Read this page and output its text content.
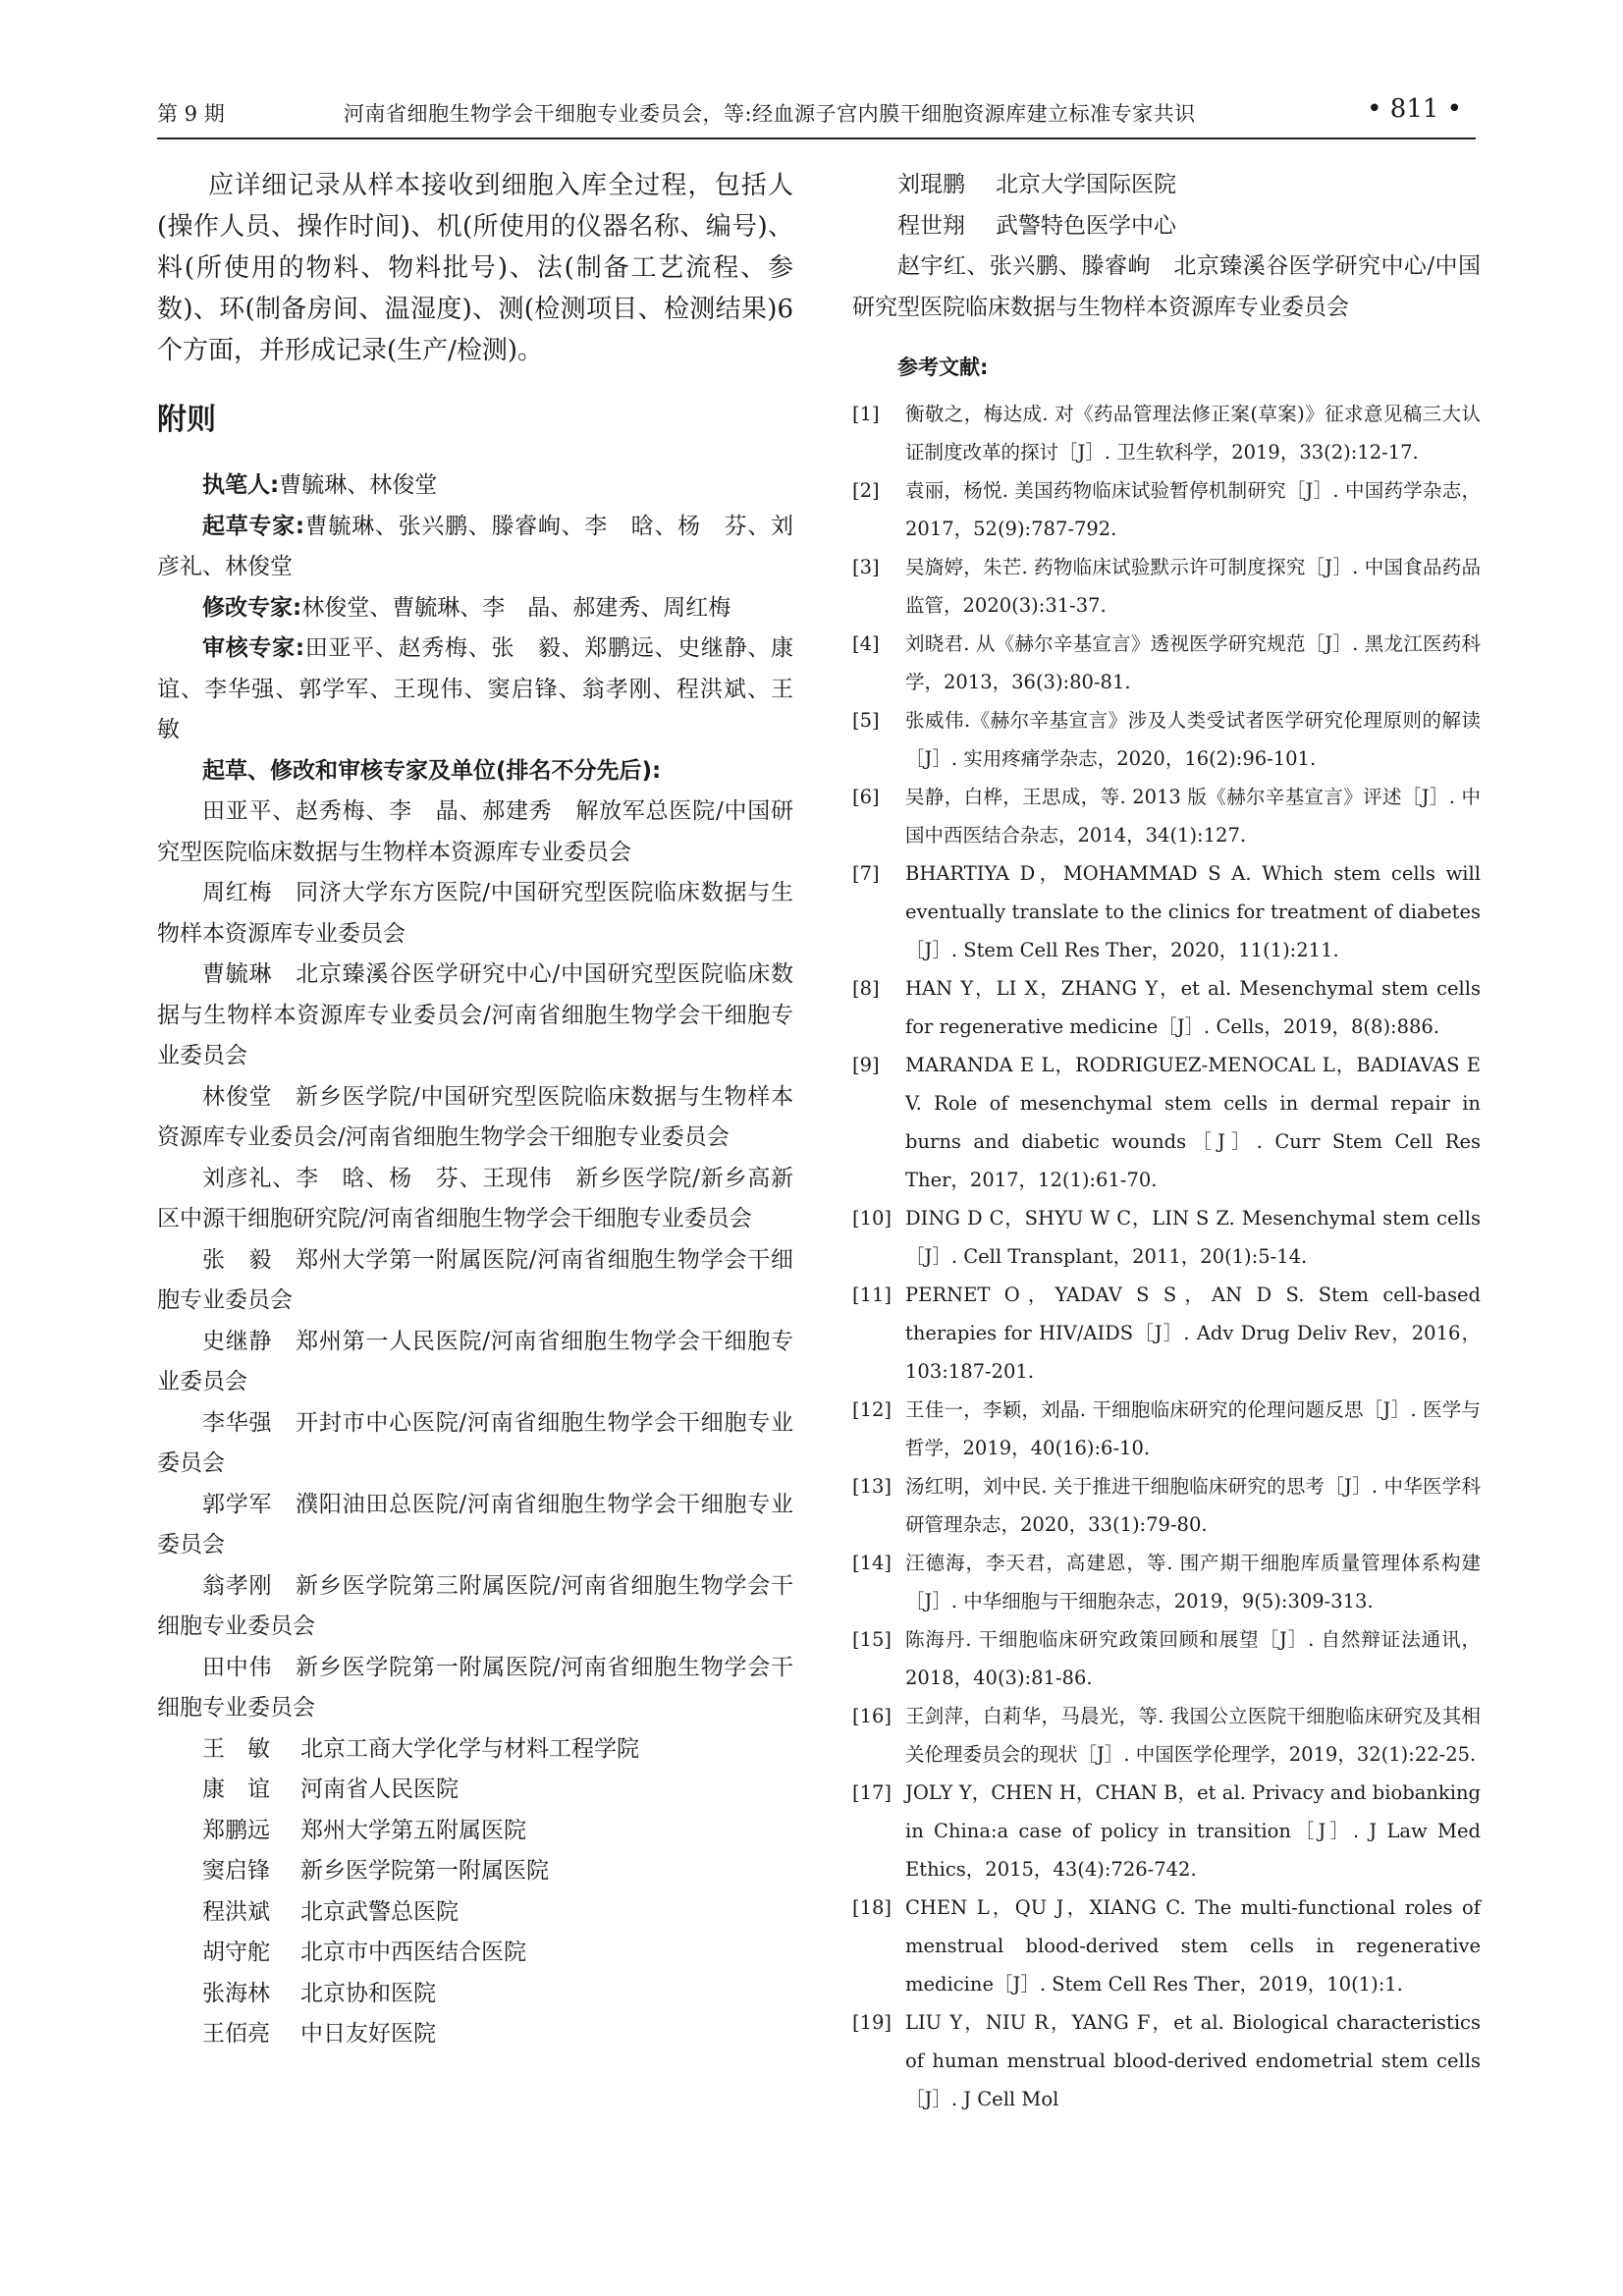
第 9 期	河南省细胞生物学会干细胞专业委员会，等:经血源子宫内膜干细胞资源库建立标准专家共识	• 811 •

应详细记录从样本接收到细胞入库全过程，包括人(操作人员、操作时间)、机(所使用的仪器名称、编号)、料(所使用的物料、物料批号)、法(制备工艺流程、参数)、环(制备房间、温湿度)、测(检测项目、检测结果)6 个方面，并形成记录(生产/检测)。

附则

执笔人:曹毓琳、林俊堂

起草专家:曹毓琳、张兴鹏、滕睿峋、李　晗、杨　芬、刘彦礼、林俊堂

修改专家:林俊堂、曹毓琳、李　晶、郝建秀、周红梅

审核专家:田亚平、赵秀梅、张　毅、郑鹏远、史继静、康　谊、李华强、郭学军、王现伟、窦启锋、翁孝刚、程洪斌、王　敏

起草、修改和审核专家及单位(排名不分先后):

田亚平、赵秀梅、李　晶、郝建秀　解放军总医院/中国研究型医院临床数据与生物样本资源库专业委员会

周红梅　同济大学东方医院/中国研究型医院临床数据与生物样本资源库专业委员会

曹毓琳　北京臻溪谷医学研究中心/中国研究型医院临床数据与生物样本资源库专业委员会/河南省细胞生物学会干细胞专业委员会

林俊堂　新乡医学院/中国研究型医院临床数据与生物样本资源库专业委员会/河南省细胞生物学会干细胞专业委员会

刘彦礼、李　晗、杨　芬、王现伟　新乡医学院/新乡高新区中源干细胞研究院/河南省细胞生物学会干细胞专业委员会

张　毅　郑州大学第一附属医院/河南省细胞生物学会干细胞专业委员会

史继静　郑州第一人民医院/河南省细胞生物学会干细胞专业委员会

李华强　开封市中心医院/河南省细胞生物学会干细胞专业委员会

郭学军　濮阳油田总医院/河南省细胞生物学会干细胞专业委员会

翁孝刚　新乡医学院第三附属医院/河南省细胞生物学会干细胞专业委员会

田中伟　新乡医学院第一附属医院/河南省细胞生物学会干细胞专业委员会

王　敏 北京工商大学化学与材料工程学院

康　谊 河南省人民医院

郑鹏远 郑州大学第五附属医院

窦启锋 新乡医学院第一附属医院

程洪斌 北京武警总医院

胡守舵 北京市中西医结合医院

张海林 北京协和医院

王佰亮 中日友好医院

刘琨鹏 北京大学国际医院

程世翔 武警特色医学中心

赵宇红、张兴鹏、滕睿峋　北京臻溪谷医学研究中心/中国研究型医院临床数据与生物样本资源库专业委员会

参考文献:
[1]	衡敬之，梅达成. 对《药品管理法修正案(草案)》征求意见稿三大认证制度改革的探讨［J］. 卫生软科学，2019，33(2):12-17.
[2]	袁丽，杨悦. 美国药物临床试验暂停机制研究［J］. 中国药学杂志，2017，52(9):787-792.
[3]	吴旖婷，朱芒. 药物临床试验默示许可制度探究［J］. 中国食品药品监管，2020(3):31-37.
[4]	刘晓君. 从《赫尔辛基宣言》透视医学研究规范［J］. 黑龙江医药科学，2013，36(3):80-81.
[5]	张威伟.《赫尔辛基宣言》涉及人类受试者医学研究伦理原则的解读［J］. 实用疼痛学杂志，2020，16(2):96-101.
[6]	吴静，白桦，王思成，等. 2013 版《赫尔辛基宣言》评述［J］. 中国中西医结合杂志，2014，34(1):127.
[7]	BHARTIYA D，MOHAMMAD S A. Which stem cells will eventually translate to the clinics for treatment of diabetes［J］. Stem Cell Res Ther，2020，11(1):211.
[8]	HAN Y，LI X，ZHANG Y，et al. Mesenchymal stem cells for regenerative medicine［J］. Cells，2019，8(8):886.
[9]	MARANDA E L，RODRIGUEZ-MENOCAL L，BADIAVAS E V. Role of mesenchymal stem cells in dermal repair in burns and diabetic wounds［J］. Curr Stem Cell Res Ther，2017，12(1):61-70.
[10] DING D C，SHYU W C，LIN S Z. Mesenchymal stem cells［J］. Cell Transplant，2011，20(1):5-14.
[11] PERNET O，YADAV S S，AN D S. Stem cell-based therapies for HIV/AIDS［J］. Adv Drug Deliv Rev，2016，103:187-201.
[12] 王佳一，李颖，刘晶. 干细胞临床研究的伦理问题反思［J］. 医学与哲学，2019，40(16):6-10.
[13] 汤红明，刘中民. 关于推进干细胞临床研究的思考［J］. 中华医学科研管理杂志，2020，33(1):79-80.
[14] 汪德海，李天君，高建恩，等. 围产期干细胞库质量管理体系构建［J］. 中华细胞与干细胞杂志，2019，9(5):309-313.
[15] 陈海丹. 干细胞临床研究政策回顾和展望［J］. 自然辩证法通讯，2018，40(3):81-86.
[16] 王剑萍，白莉华，马晨光，等. 我国公立医院干细胞临床研究及其相关伦理委员会的现状［J］. 中国医学伦理学，2019，32(1):22-25.
[17] JOLY Y，CHEN H，CHAN B，et al. Privacy and biobanking in China:a case of policy in transition［J］. J Law Med Ethics，2015，43(4):726-742.
[18] CHEN L，QU J，XIANG C. The multi-functional roles of menstrual blood-derived stem cells in regenerative medicine［J］. Stem Cell Res Ther，2019，10(1):1.
[19] LIU Y，NIU R，YANG F，et al. Biological characteristics of human menstrual blood-derived endometrial stem cells［J］. J Cell Mol
